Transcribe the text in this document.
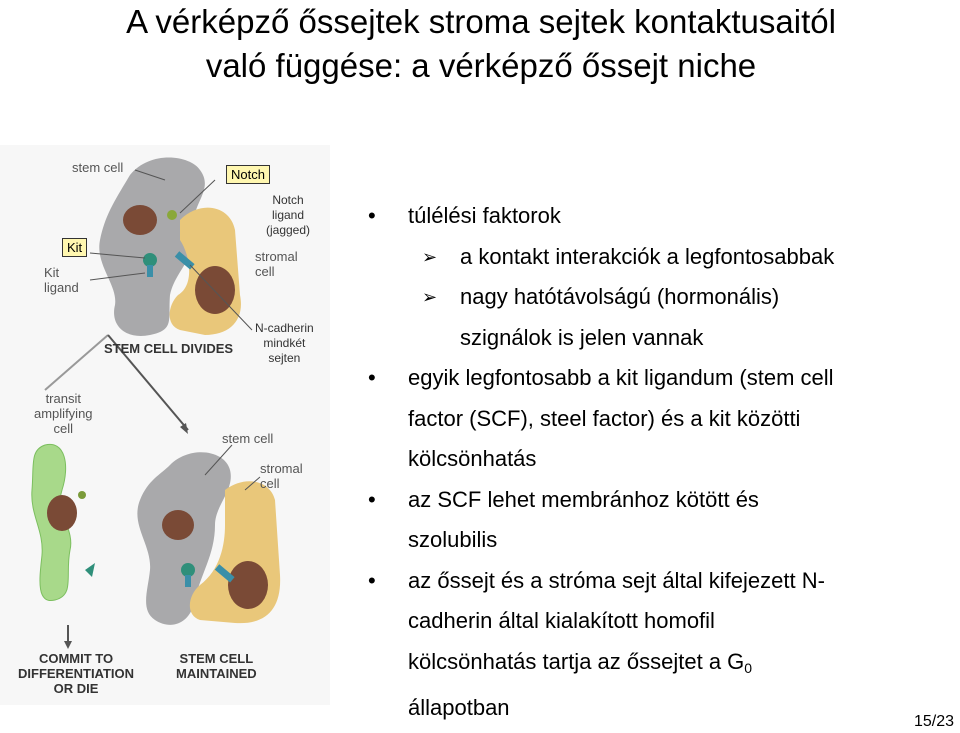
A vérképző őssejtek stroma sejtek kontaktusaitól
való függése: a vérképző őssejt niche
stem cell	Notch
Notch
ligand
(jagged)
Kit
Kit
ligand
stromal
cell
N-cadherin
mindkét
sejten
STEM CELL DIVIDES
transit
amplifying
cell
stem cell
stromal
cell
COMMIT TO
DIFFERENTIATION
OR DIE
STEM CELL
MAINTAINED
• túlélési faktorok
➢ a kontakt interakciók a legfontosabbak
➢ nagy hatótávolságú (hormonális)
szignálok is jelen vannak
• egyik legfontosabb a kit ligandum (stem cell
factor (SCF), steel factor) és a kit közötti
kölcsönhatás
• az SCF lehet membránhoz kötött és
szolubilis
• az őssejt és a stróma sejt által kifejezett N-
cadherin által kialakított homofil
kölcsönhatás tartja az őssejtet a $G_0$
állapotban
15/23
